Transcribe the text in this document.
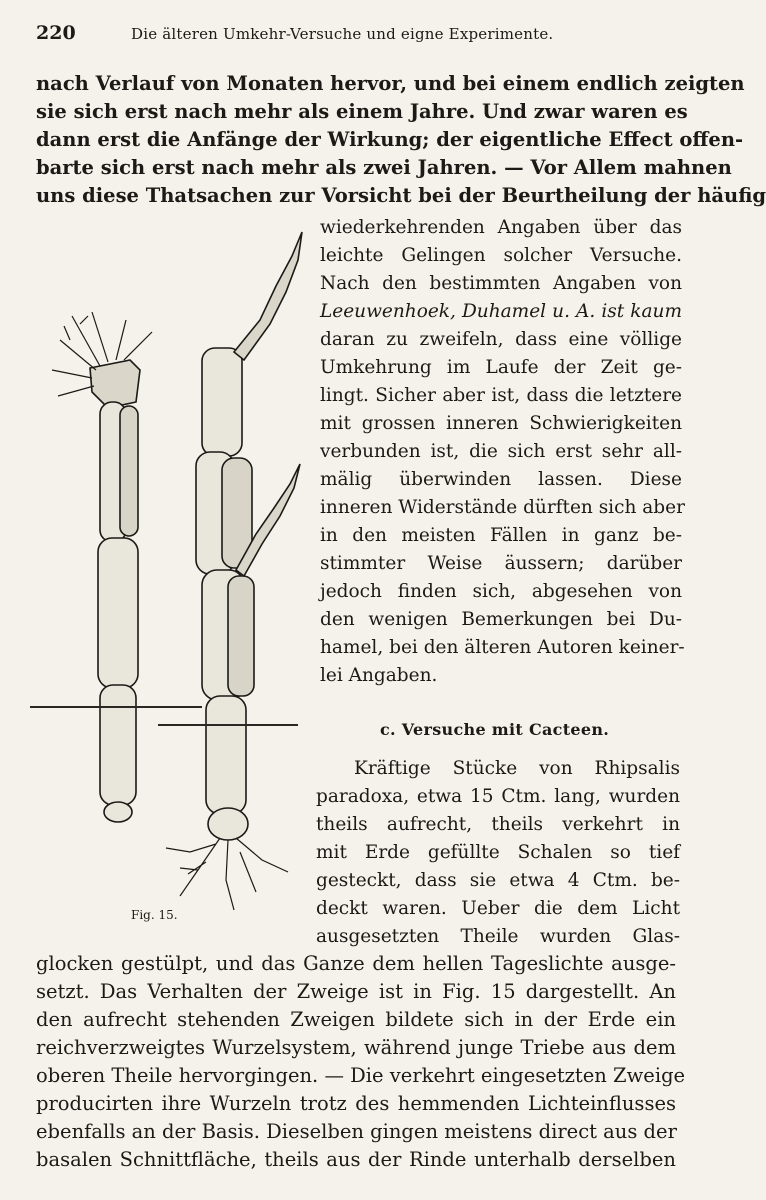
220	Die älteren Umkehr-Versuche und eigne Experimente.
nach Verlauf von Monaten hervor, und bei einem endlich zeigten
sie sich erst nach mehr als einem Jahre. Und zwar waren es
dann erst die Anfänge der Wirkung; der eigentliche Effect offen-
barte sich erst nach mehr als zwei Jahren. — Vor Allem mahnen
uns diese Thatsachen zur Vorsicht bei der Beurtheilung der häufig
wiederkehrenden Angaben über das
leichte Gelingen solcher Versuche.
Nach den bestimmten Angaben von
Leeuwenhoek, Duhamel u. A. ist kaum
daran zu zweifeln, dass eine völlige
Umkehrung im Laufe der Zeit ge-
lingt. Sicher aber ist, dass die letztere
mit grossen inneren Schwierigkeiten
verbunden ist, die sich erst sehr all-
mälig überwinden lassen. Diese
inneren Widerstände dürften sich aber
in den meisten Fällen in ganz be-
stimmter Weise äussern; darüber
jedoch finden sich, abgesehen von
den wenigen Bemerkungen bei Du-
hamel, bei den älteren Autoren keiner-
lei Angaben.
c. Versuche mit Cacteen.
Kräftige Stücke von Rhipsalis
paradoxa, etwa 15 Ctm. lang, wurden
theils aufrecht, theils verkehrt in
mit Erde gefüllte Schalen so tief
gesteckt, dass sie etwa 4 Ctm. be-
deckt waren. Ueber die dem Licht
ausgesetzten Theile wurden Glas-
glocken gestülpt, und das Ganze dem hellen Tageslichte ausge-
setzt. Das Verhalten der Zweige ist in Fig. 15 dargestellt. An
den aufrecht stehenden Zweigen bildete sich in der Erde ein
reichverzweigtes Wurzelsystem, während junge Triebe aus dem
oberen Theile hervorgingen. — Die verkehrt eingesetzten Zweige
producirten ihre Wurzeln trotz des hemmenden Lichteinflusses
ebenfalls an der Basis. Dieselben gingen meistens direct aus der
basalen Schnittfläche, theils aus der Rinde unterhalb derselben
Fig. 15.
